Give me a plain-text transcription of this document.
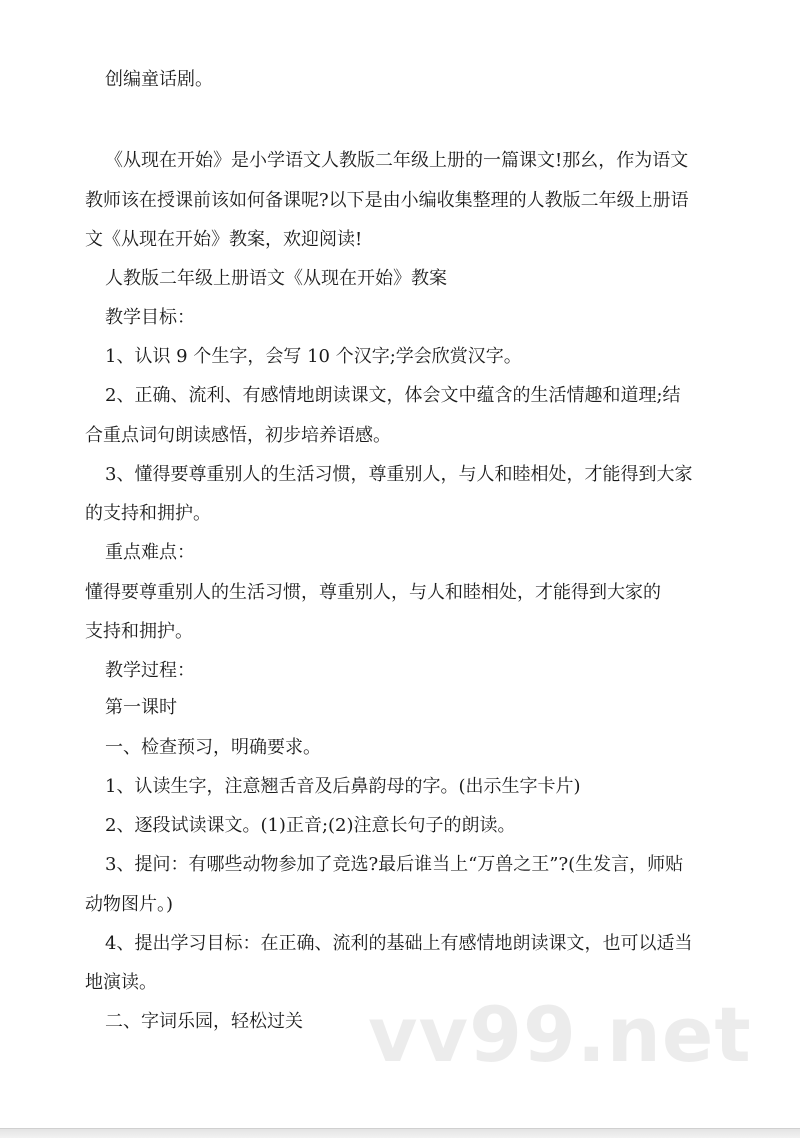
创编童话剧。

《从现在开始》是小学语文人教版二年级上册的一篇课文!那幺，作为语文

教师该在授课前该如何备课呢?以下是由小编收集整理的人教版二年级上册语

文《从现在开始》教案，欢迎阅读!

人教版二年级上册语文《从现在开始》教案

教学目标：

1、认识 9 个生字，会写 10 个汉字;学会欣赏汉字。

2、正确、流利、有感情地朗读课文，体会文中蕴含的生活情趣和道理;结

合重点词句朗读感悟，初步培养语感。

3、懂得要尊重别人的生活习惯，尊重别人，与人和睦相处，才能得到大家

的支持和拥护。

重点难点：

懂得要尊重别人的生活习惯，尊重别人，与人和睦相处，才能得到大家的

支持和拥护。

教学过程：

第一课时

一、检查预习，明确要求。

1、认读生字，注意翘舌音及后鼻韵母的字。(出示生字卡片)

2、逐段试读课文。(1)正音;(2)注意长句子的朗读。

3、提问：有哪些动物参加了竞选?最后谁当上“万兽之王”?(生发言，师贴

动物图片。)

4、提出学习目标：在正确、流利的基础上有感情地朗读课文，也可以适当

地演读。

二、字词乐园，轻松过关 vv99.net
